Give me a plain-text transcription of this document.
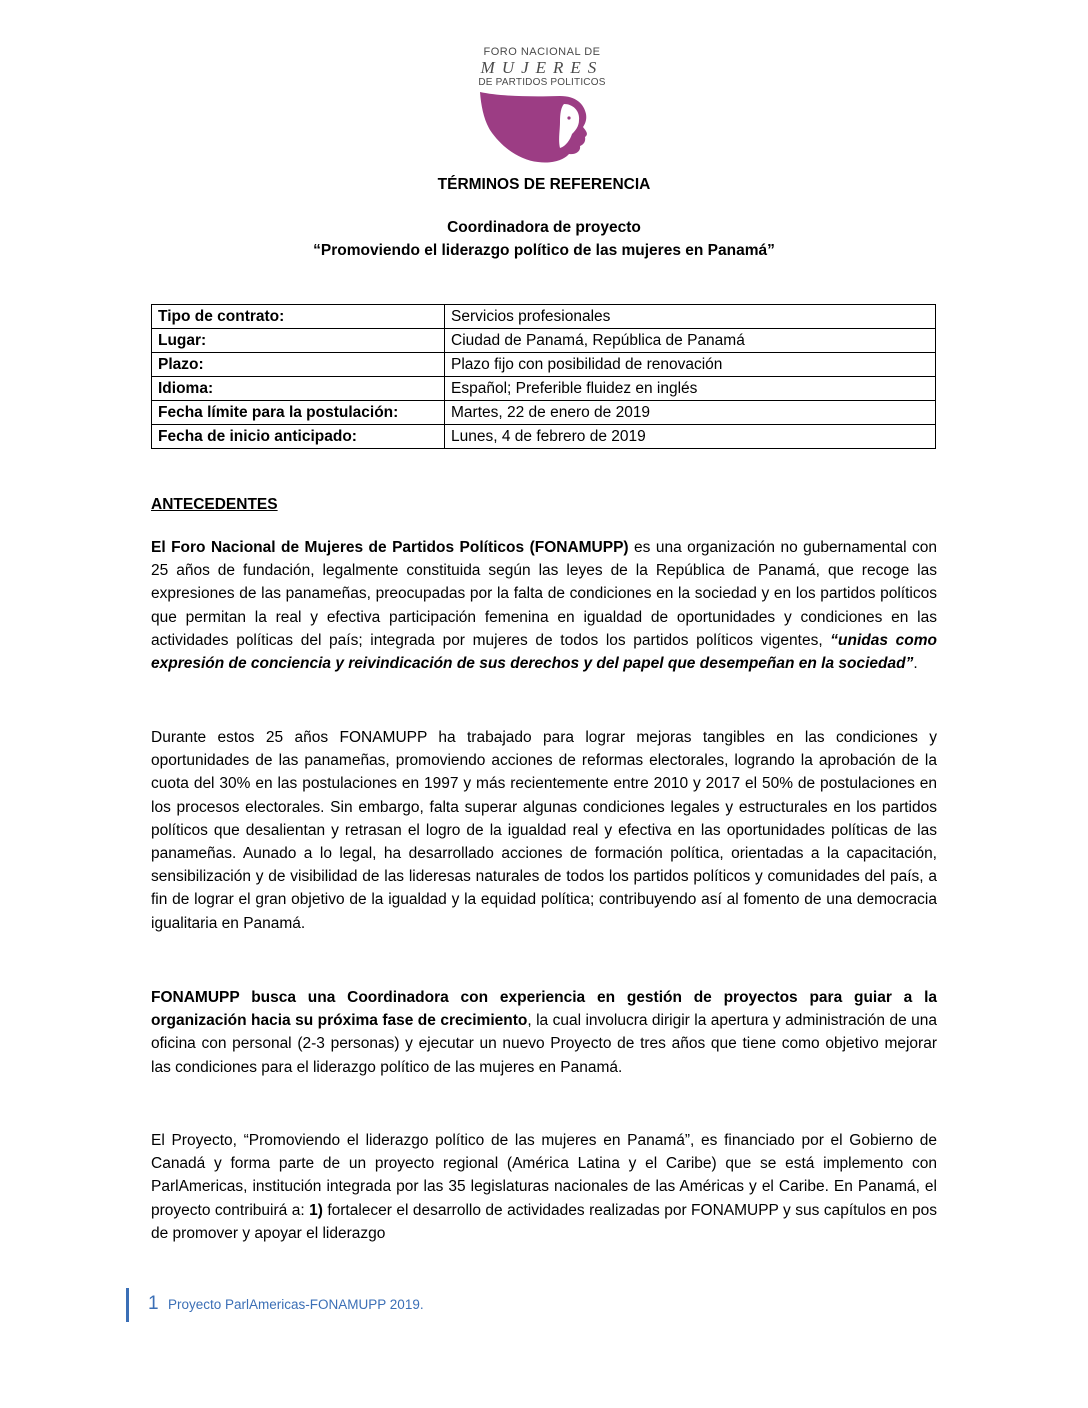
FORO NACIONAL DE
MUJERES
DE PARTIDOS POLITICOS
TÉRMINOS DE REFERENCIA
Coordinadora de proyecto
“Promoviendo el liderazgo político de las mujeres en Panamá”
Tipo de contrato:	Servicios profesionales
Lugar:	Ciudad de Panamá, República de Panamá
Plazo:	Plazo fijo con posibilidad de renovación
Idioma:	Español; Preferible fluidez en inglés
Fecha límite para la postulación:	Martes, 22 de enero de 2019
Fecha de inicio anticipado:	Lunes, 4 de febrero de 2019
ANTECEDENTES

El Foro Nacional de Mujeres de Partidos Políticos (FONAMUPP) es una organización no gubernamental con 25 años de fundación, legalmente constituida según las leyes de la República de Panamá, que recoge las expresiones de las panameñas, preocupadas por la falta de condiciones en la sociedad y en los partidos políticos que permitan la real y efectiva participación femenina en igualdad de oportunidades y condiciones en las actividades políticas del país; integrada por mujeres de todos los partidos políticos vigentes, “unidas como expresión de conciencia y reivindicación de sus derechos y del papel que desempeñan en la sociedad”.

Durante estos 25 años FONAMUPP ha trabajado para lograr mejoras tangibles en las condiciones y oportunidades de las panameñas, promoviendo acciones de reformas electorales, logrando la aprobación de la cuota del 30% en las postulaciones en 1997 y más recientemente entre 2010 y 2017 el 50% de postulaciones en los procesos electorales. Sin embargo, falta superar algunas condiciones legales y estructurales en los partidos políticos que desalientan y retrasan el logro de la igualdad real y efectiva en las oportunidades políticas de las panameñas. Aunado a lo legal, ha desarrollado acciones de formación política, orientadas a la capacitación, sensibilización y de visibilidad de las lideresas naturales de todos los partidos políticos y comunidades del país, a fin de lograr el gran objetivo de la igualdad y la equidad política; contribuyendo así al fomento de una democracia igualitaria en Panamá.

FONAMUPP busca una Coordinadora con experiencia en gestión de proyectos para guiar a la organización hacia su próxima fase de crecimiento, la cual involucra dirigir la apertura y administración de una oficina con personal (2-3 personas) y ejecutar un nuevo Proyecto de tres años que tiene como objetivo mejorar las condiciones para el liderazgo político de las mujeres en Panamá.

El Proyecto, “Promoviendo el liderazgo político de las mujeres en Panamá”, es financiado por el Gobierno de Canadá y forma parte de un proyecto regional (América Latina y el Caribe) que se está implemento con ParlAmericas, institución integrada por las 35 legislaturas nacionales de las Américas y el Caribe. En Panamá, el proyecto contribuirá a: 1) fortalecer el desarrollo de actividades realizadas por FONAMUPP y sus capítulos en pos de promover y apoyar el liderazgo

1 Proyecto ParlAmericas-FONAMUPP 2019.
